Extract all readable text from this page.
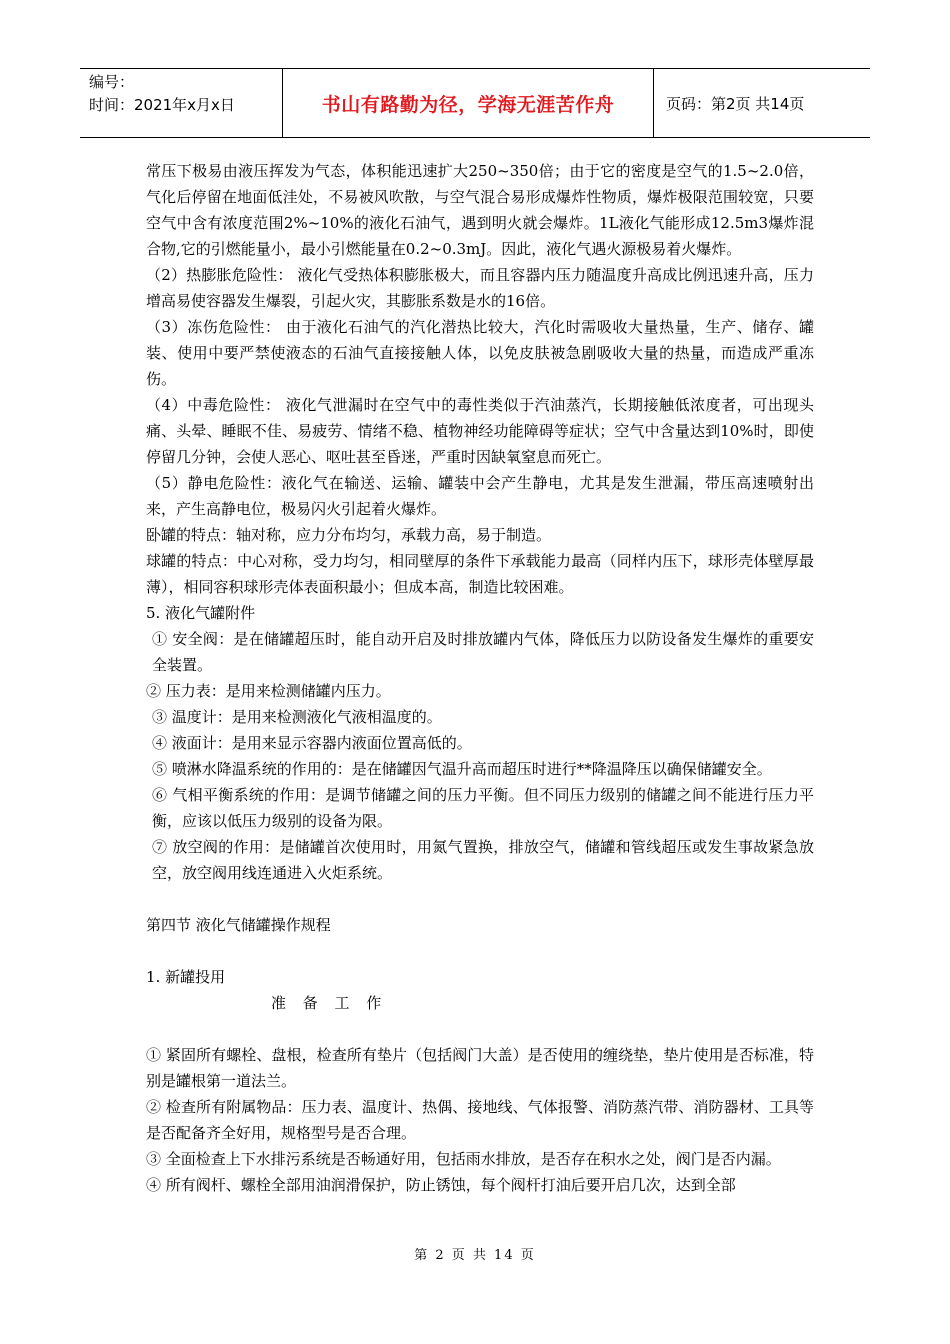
编号：
时间：2021年x月x日	书山有路勤为径，学海无涯苦作舟	页码：第2页 共14页

常压下极易由液压挥发为气态，体积能迅速扩大250~350倍；由于它的密度是空气的1.5~2.0倍，气化后停留在地面低洼处，不易被风吹散，与空气混合易形成爆炸性物质，爆炸极限范围较宽，只要空气中含有浓度范围2%~10%的液化石油气，遇到明火就会爆炸。1L液化气能形成12.5m3爆炸混合物,它的引燃能量小，最小引燃能量在0.2~0.3mJ。因此，液化气遇火源极易着火爆炸。

（2）热膨胀危险性： 液化气受热体积膨胀极大，而且容器内压力随温度升高成比例迅速升高，压力增高易使容器发生爆裂，引起火灾，其膨胀系数是水的16倍。

（3）冻伤危险性： 由于液化石油气的汽化潜热比较大，汽化时需吸收大量热量，生产、储存、罐装、使用中要严禁使液态的石油气直接接触人体，以免皮肤被急剧吸收大量的热量，而造成严重冻伤。

（4）中毒危险性： 液化气泄漏时在空气中的毒性类似于汽油蒸汽，长期接触低浓度者，可出现头痛、头晕、睡眠不佳、易疲劳、情绪不稳、植物神经功能障碍等症状；空气中含量达到10%时，即使停留几分钟，会使人恶心、呕吐甚至昏迷，严重时因缺氧窒息而死亡。

（5）静电危险性：液化气在输送、运输、罐装中会产生静电，尤其是发生泄漏，带压高速喷射出来，产生高静电位，极易闪火引起着火爆炸。

卧罐的特点：轴对称，应力分布均匀，承载力高，易于制造。

球罐的特点：中心对称，受力均匀，相同壁厚的条件下承载能力最高（同样内压下，球形壳体壁厚最薄），相同容积球形壳体表面积最小；但成本高，制造比较困难。

5. 液化气罐附件

① 安全阀：是在储罐超压时，能自动开启及时排放罐内气体，降低压力以防设备发生爆炸的重要安全装置。

② 压力表：是用来检测储罐内压力。

③ 温度计：是用来检测液化气液相温度的。

④ 液面计：是用来显示容器内液面位置高低的。

⑤ 喷淋水降温系统的作用的：是在储罐因气温升高而超压时进行**降温降压以确保储罐安全。

⑥ 气相平衡系统的作用：是调节储罐之间的压力平衡。但不同压力级别的储罐之间不能进行压力平衡，应该以低压力级别的设备为限。

⑦ 放空阀的作用：是储罐首次使用时，用氮气置换，排放空气，储罐和管线超压或发生事故紧急放空，放空阀用线连通进入火炬系统。

第四节 液化气储罐操作规程

1. 新罐投用

准 备 工 作

① 紧固所有螺栓、盘根，检查所有垫片（包括阀门大盖）是否使用的缠绕垫，垫片使用是否标准，特别是罐根第一道法兰。

② 检查所有附属物品：压力表、温度计、热偶、接地线、气体报警、消防蒸汽带、消防器材、工具等是否配备齐全好用，规格型号是否合理。

③ 全面检查上下水排污系统是否畅通好用，包括雨水排放，是否存在积水之处，阀门是否内漏。

④ 所有阀杆、螺栓全部用油润滑保护，防止锈蚀，每个阀杆打油后要开启几次，达到全部

第 2 页 共 14 页
